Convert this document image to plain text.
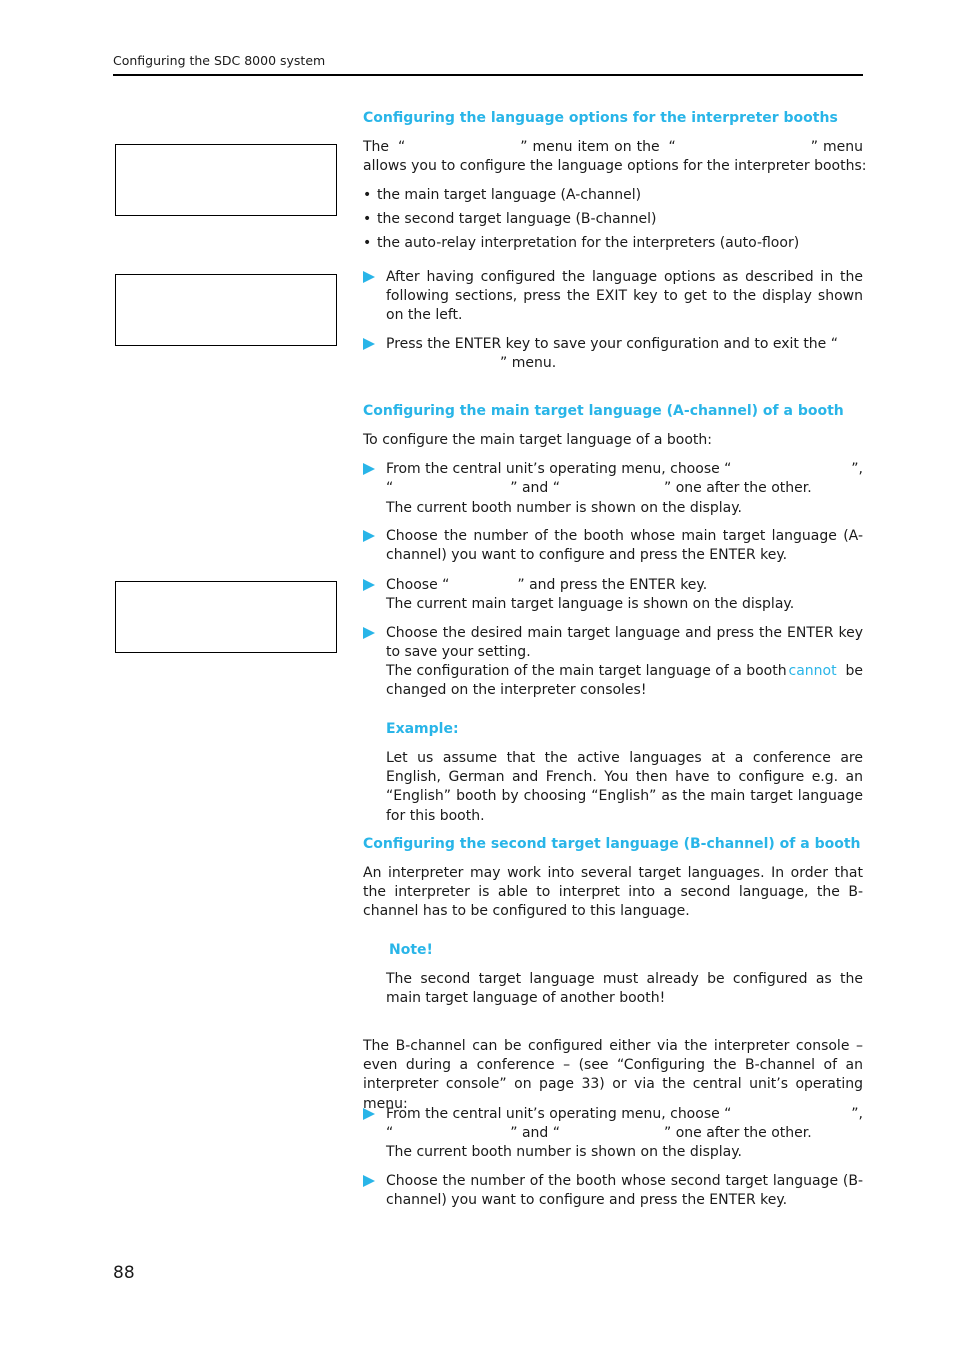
Configuring the SDC 8000 system
Configuring the language options for the interpreter booths
The “	” menu item on the “	” menu
allows you to configure the language options for the interpreter booths:
• the main target language (A-channel)
• the second target language (B-channel)
• the auto-relay interpretation for the interpreters (auto-floor)
After having configured the language options as described in the following sections, press the EXIT key to get to the display shown on the left.
Press the ENTER key to save your configuration and to exit the “
” menu.
Configuring the main target language (A-channel) of a booth
To configure the main target language of a booth:
From the central unit’s operating menu, choose “	”,
“	” and “	” one after the other.
The current booth number is shown on the display.
Choose the number of the booth whose main target language (A-channel) you want to configure and press the ENTER key.
Choose “	” and press the ENTER key.
The current main target language is shown on the display.
Choose the desired main target language and press the ENTER key to save your setting.
The configuration of the main target language of a booth cannot be
changed on the interpreter consoles!
Example:
Let us assume that the active languages at a conference are English, German and French. You then have to configure e.g. an “English” booth by choosing “English” as the main target language for this booth.
Configuring the second target language (B-channel) of a booth
An interpreter may work into several target languages. In order that the interpreter is able to interpret into a second language, the B-channel has to be configured to this language.
Note!
The second target language must already be configured as the main target language of another booth!
The B-channel can be configured either via the interpreter console – even during a conference – (see “Configuring the B-channel of an interpreter console” on page 33) or via the central unit’s operating menu:
From the central unit’s operating menu, choose “	”,
“	” and “	” one after the other.
The current booth number is shown on the display.
Choose the number of the booth whose second target language (B-channel) you want to configure and press the ENTER key.
88
